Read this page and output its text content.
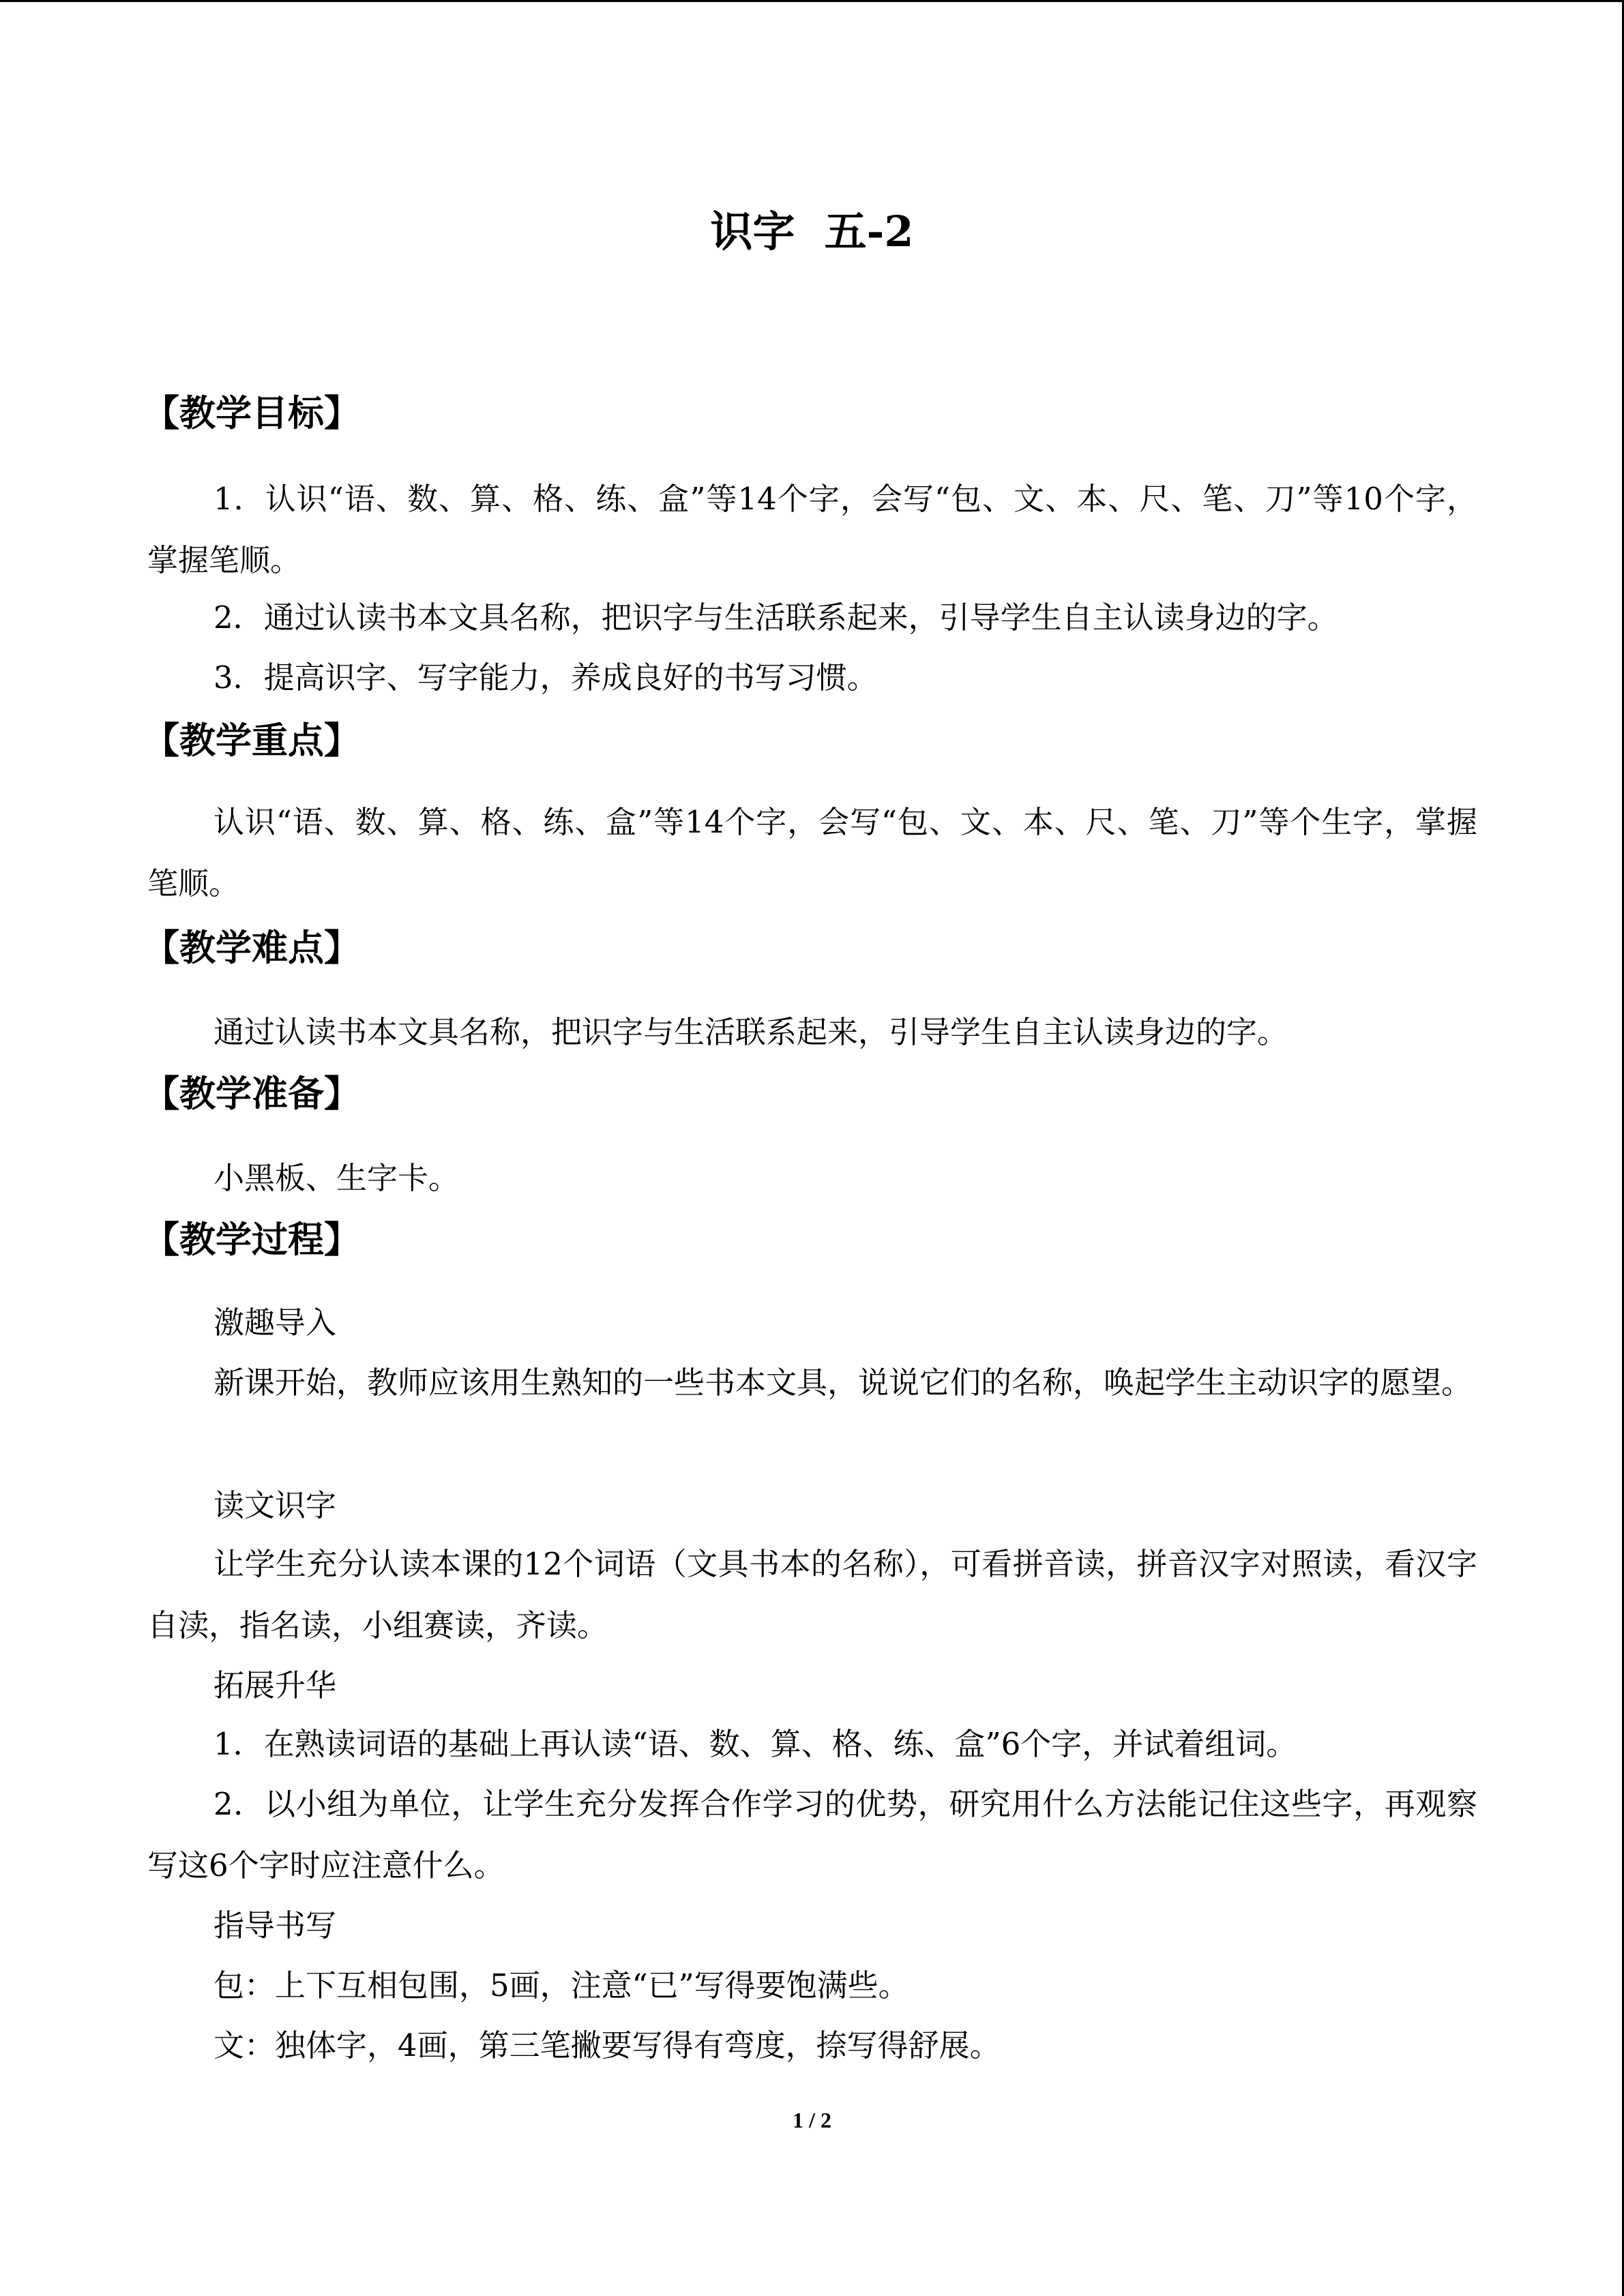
识字  五-2
【教学目标】

1．认识“语、数、算、格、练、盒”等14个字，会写“包、文、本、尺、笔、刀”等10个字，掌握笔顺。

2．通过认读书本文具名称，把识字与生活联系起来，引导学生自主认读身边的字。

3．提高识字、写字能力，养成良好的书写习惯。

【教学重点】

认识“语、数、算、格、练、盒”等14个字，会写“包、文、本、尺、笔、刀”等个生字，掌握笔顺。

【教学难点】

通过认读书本文具名称，把识字与生活联系起来，引导学生自主认读身边的字。

【教学准备】

小黑板、生字卡。

【教学过程】
激趣导入

新课开始，教师应该用生熟知的一些书本文具，说说它们的名称，唤起学生主动识字的愿望。

读文识字

让学生充分认读本课的12个词语（文具书本的名称），可看拼音读，拼音汉字对照读，看汉字自渎，指名读，小组赛读，齐读。

拓展升华

1．在熟读词语的基础上再认读“语、数、算、格、练、盒”6个字，并试着组词。

2．以小组为单位，让学生充分发挥合作学习的优势，研究用什么方法能记住这些字，再观察写这6个字时应注意什么。

指导书写
包：上下互相包围，5画，注意“已”写得要饱满些。
文：独体字，4画，第三笔撇要写得有弯度，捺写得舒展。
1 / 2
